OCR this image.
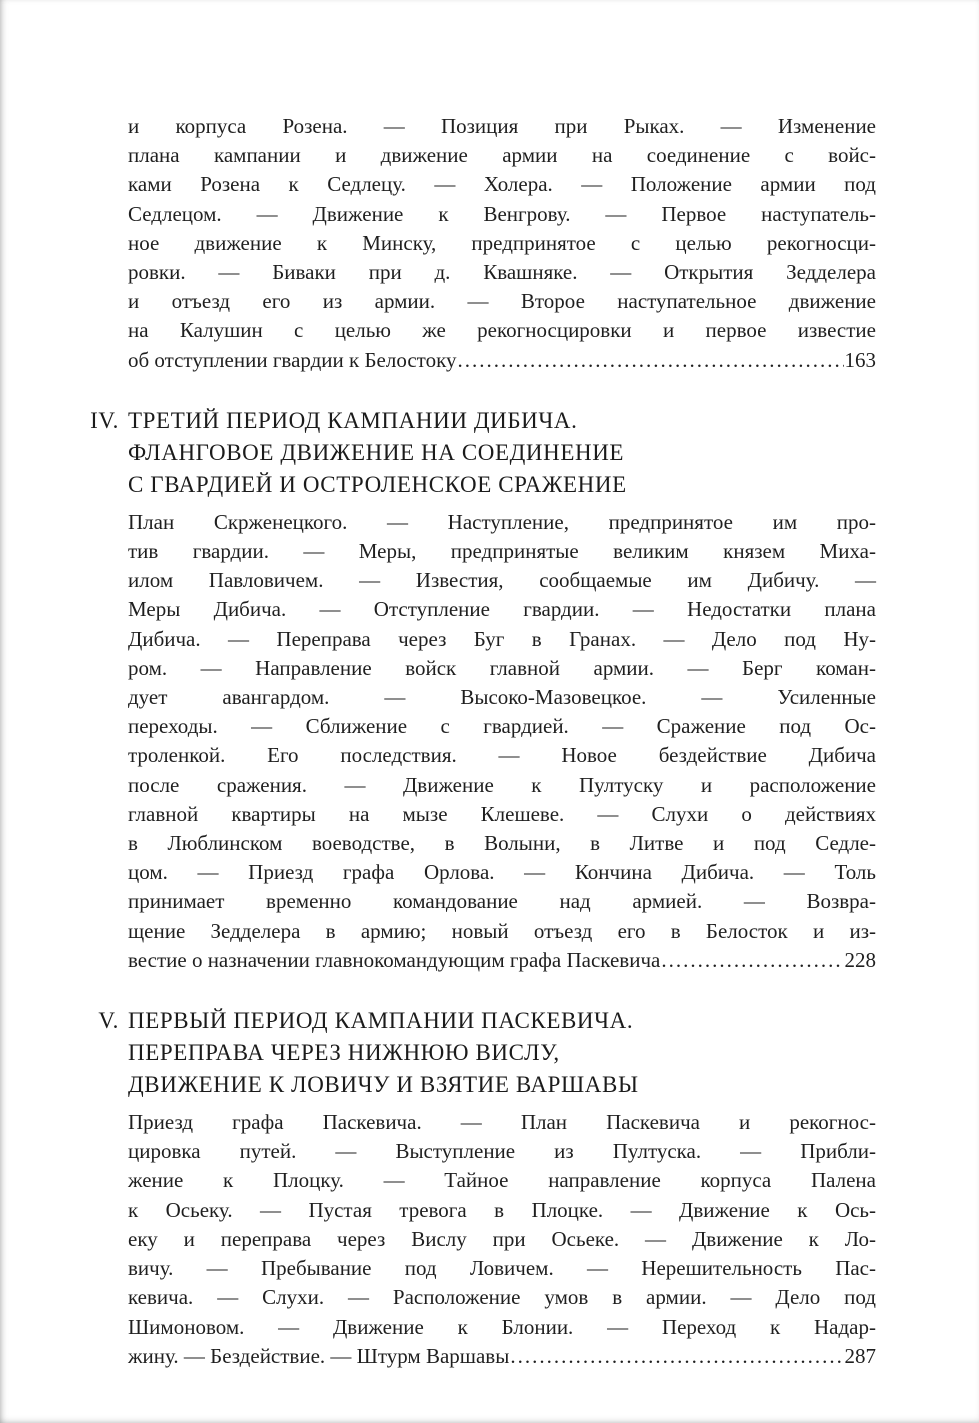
и корпуса Розена. — Позиция при Рыках. — Изменение
плана кампании и движение армии на соединение с войс-
ками Розена к Седлецу. — Холера. — Положение армии под
Седлецом. — Движение к Венгрову. — Первое наступатель-
ное движение к Минску, предпринятое с целью рекогносци-
ровки. — Биваки при д. Квашняке. — Открытия Зедделера
и отъезд его из армии. — Второе наступательное движение
на Калушин с целью же рекогносцировки и первое известие
об отступлении гвардии к Белостоку .....	163
IV. ТРЕТИЙ ПЕРИОД КАМПАНИИ ДИБИЧА.
ФЛАНГОВОЕ ДВИЖЕНИЕ НА СОЕДИНЕНИЕ
С ГВАРДИЕЙ И ОСТРОЛЕНСКОЕ СРАЖЕНИЕ
План Скрженецкого. — Наступление, предпринятое им про-
тив гвардии. — Меры, предпринятые великим князем Миха-
илом Павловичем. — Известия, сообщаемые им Дибичу. —
Меры Дибича. — Отступление гвардии. — Недостатки плана
Дибича. — Переправа через Буг в Гранах. — Дело под Ну-
ром. — Направление войск главной армии. — Берг коман-
дует авангардом. — Высоко-Мазовецкое. — Усиленные
переходы. — Сближение с гвардией. — Сражение под Ос-
троленкой. Его последствия. — Новое бездействие Дибича
после сражения. — Движение к Пултуску и расположение
главной квартиры на мызе Клешеве. — Слухи о действиях
в Люблинском воеводстве, в Волыни, в Литве и под Седле-
цом. — Приезд графа Орлова. — Кончина Дибича. — Толь
принимает временно командование над армией. — Возвра-
щение Зедделера в армию; новый отъезд его в Белосток и из-
вестие о назначении главнокомандующим графа Паскевича .....	228
V. ПЕРВЫЙ ПЕРИОД КАМПАНИИ ПАСКЕВИЧА.
ПЕРЕПРАВА ЧЕРЕЗ НИЖНЮЮ ВИСЛУ,
ДВИЖЕНИЕ К ЛОВИЧУ И ВЗЯТИЕ ВАРШАВЫ
Приезд графа Паскевича. — План Паскевича и рекогнос-
цировка путей. — Выступление из Пултуска. — Прибли-
жение к Плоцку. — Тайное направление корпуса Палена
к Осьеку. — Пустая тревога в Плоцке. — Движение к Ось-
еку и переправа через Вислу при Осьеке. — Движение к Ло-
вичу. — Пребывание под Ловичем. — Нерешительность Пас-
кевича. — Слухи. — Расположение умов в армии. — Дело под
Шимоновом. — Движение к Блонии. — Переход к Надар-
жину. — Бездействие. — Штурм Варшавы .....	287
